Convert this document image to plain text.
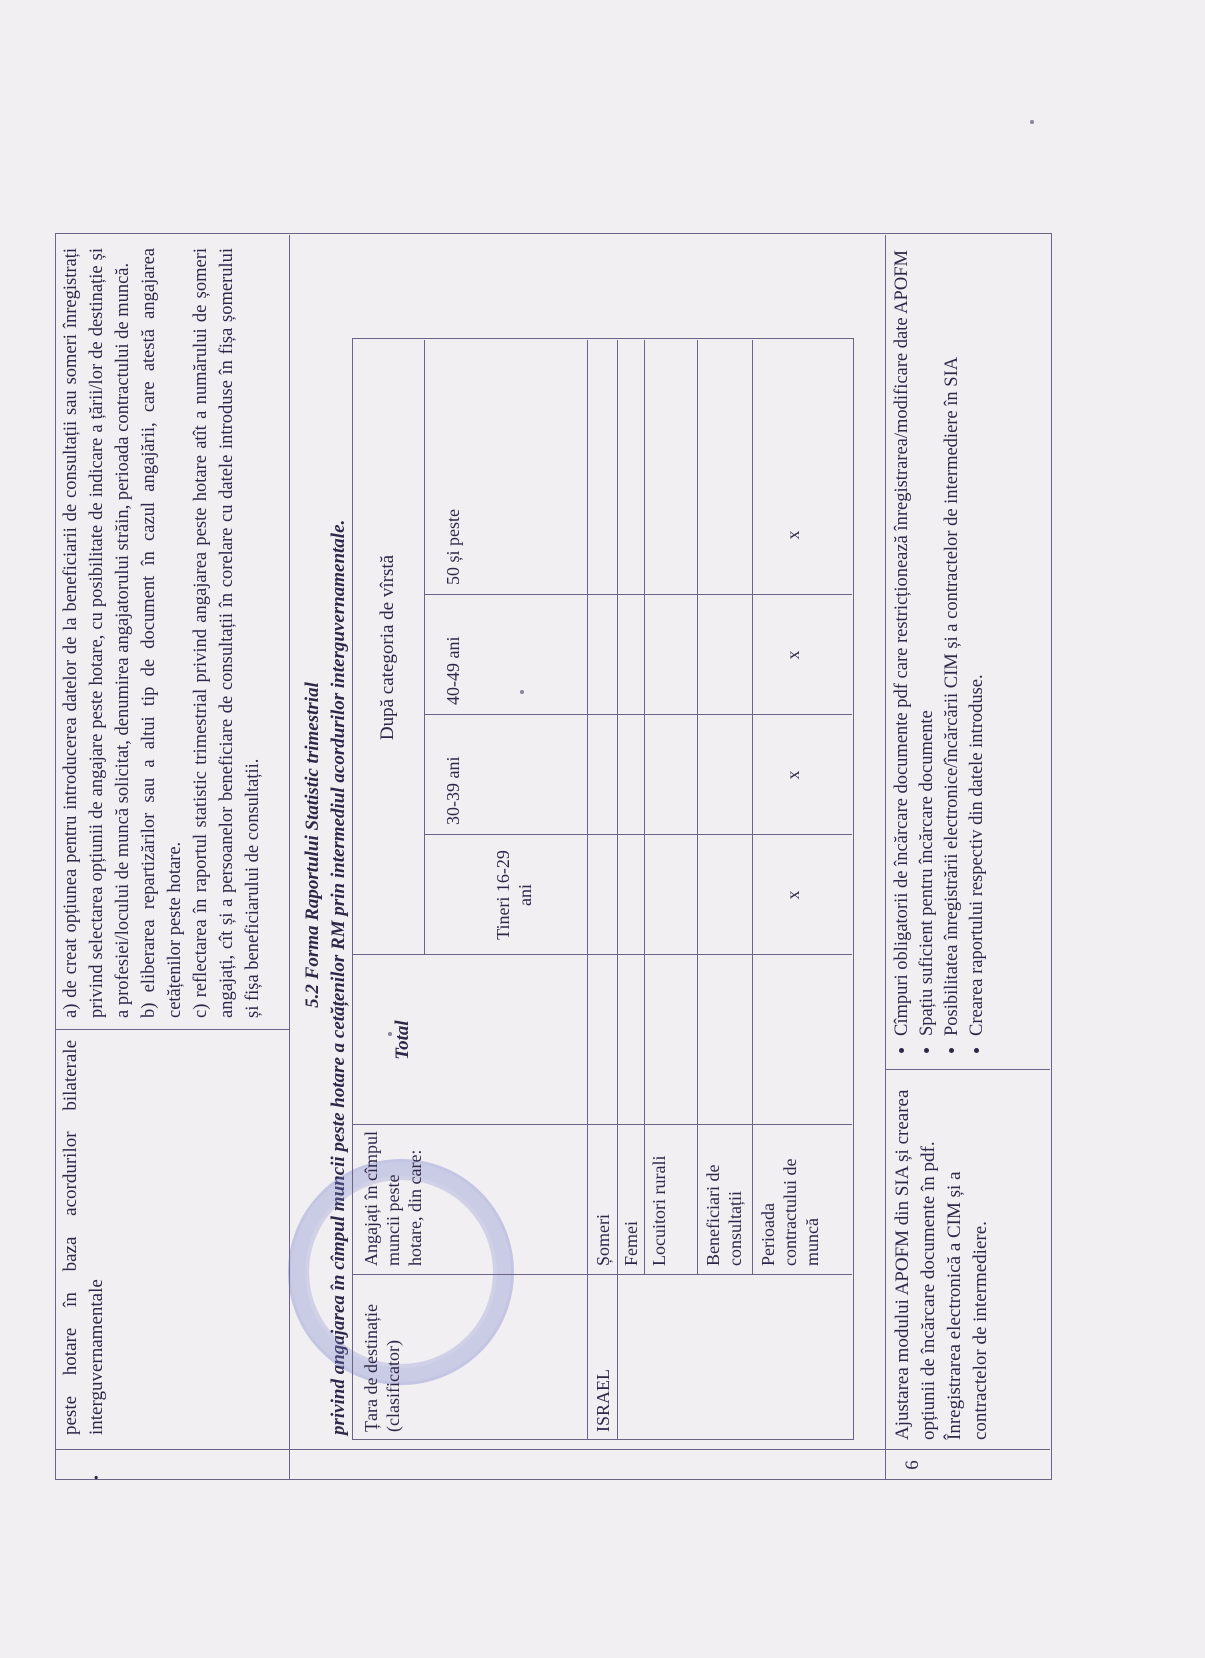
•
peste hotare în baza acordurilor bilaterale interguvernamentale
a) de creat opțiunea pentru introducerea datelor de la beneficiarii de consultații sau someri înregistrați privind selectarea opțiunii de angajare peste hotare, cu posibilitate de indicare a țării/lor de destinație și a profesiei/locului de muncă solicitat, denumirea angajatorului străin, perioada contractului de muncă. b) eliberarea repartizărilor sau a altui tip de document în cazul angajării, care atestă angajarea cetățenilor peste hotare. c) reflectarea în raportul statistic trimestrial privind angajarea peste hotare atît a numărului de șomeri angajați, cît și a persoanelor beneficiare de consultații în corelare cu datele introduse în fișa șomerului și fișa beneficiarului de consultații. 5.2 Forma Raportului Statistic trimestrial privind angajarea în cîmpul muncii peste hotare a cetățenilor RM prin intermediul acordurilor interguvernamentale. Țara de destinație (clasificator)
Angajați în cîmpul muncii peste hotare, din care:
Total
După categoria de vîrstă
Tineri 16-29 ani
30-39 ani
40-49 ani
50 și peste
ISRAEL
Șomeri Femei Locuitori rurali Beneficiari de consultații Perioada contractului de muncă
x
x
x
x
6
Ajustarea modului APOFM din SIA și crearea opțiunii de încărcare documente în pdf. Înregistrarea electronică a CIM și a contractelor de intermediere.
• Cîmpuri obligatorii de încărcare documente pdf care restricționează înregistrarea/modificare date APOFM • Spațiu suficient pentru încărcare documente • Posibilitatea înregistrării electronice/încărcării CIM și a contractelor de intermediere în SIA • Crearea raportului respectiv din datele introduse.
